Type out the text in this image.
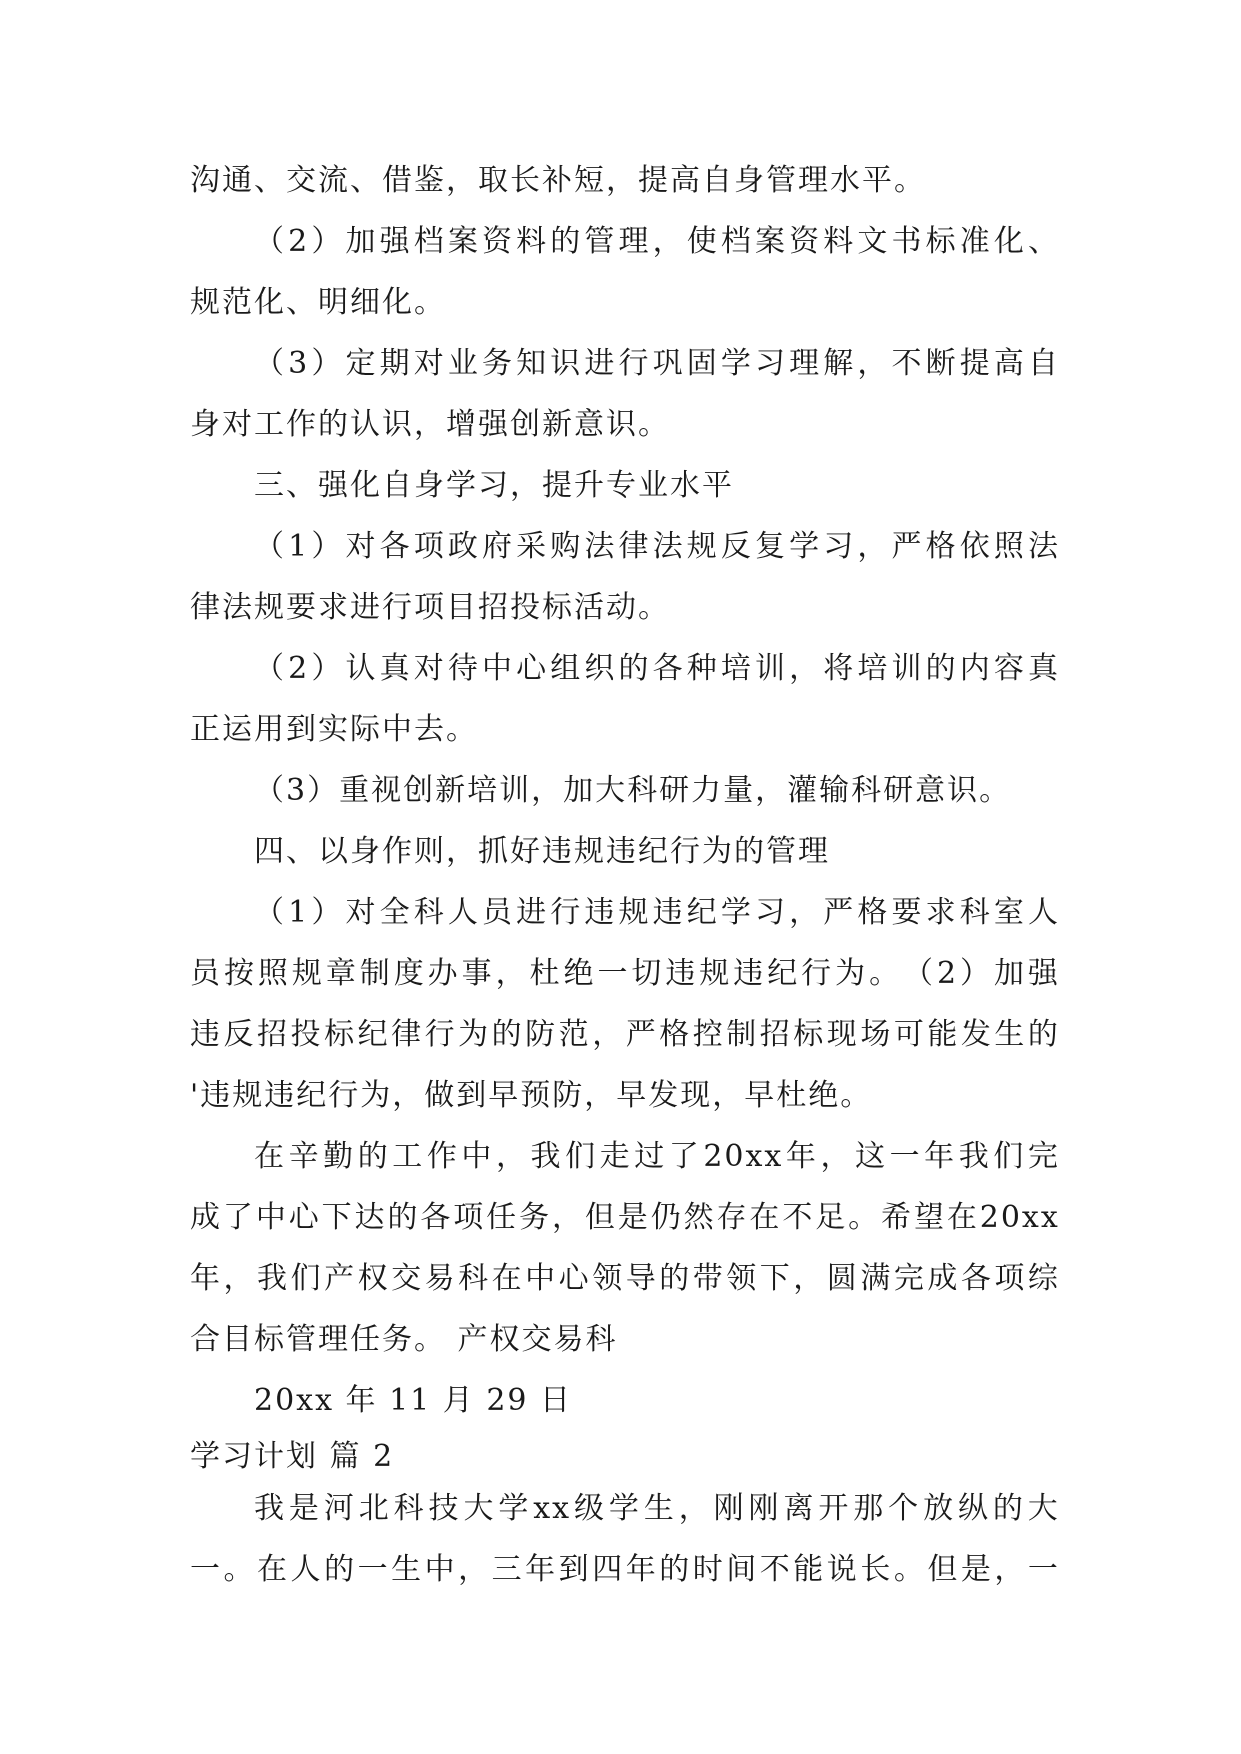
沟通、交流、借鉴，取长补短，提高自身管理水平。
（ 2 ） 加 强 档 案 资 料 的 管 理 ， 使 档 案 资 料 文 书 标 准 化 、
规范化、明细化。
（ 3 ） 定 期 对 业 务 知 识 进 行 巩 固 学 习 理 解 ， 不 断 提 高 自
身对工作的认识，增强创新意识。
三、强化自身学习，提升专业水平
（ 1 ） 对 各 项 政 府 采 购 法 律 法 规 反 复 学 习 ， 严 格 依 照 法
律法规要求进行项目招投标活动。
（ 2 ） 认 真 对 待 中 心 组 织 的 各 种 培 训 ， 将 培 训 的 内 容 真
正运用到实际中去。
（3）重视创新培训，加大科研力量，灌输科研意识。
四、以身作则，抓好违规违纪行为的管理
（ 1 ） 对 全 科 人 员 进 行 违 规 违 纪 学 习 ， 严 格 要 求 科 室 人
员 按 照 规 章 制 度 办 事 ， 杜 绝 一 切 违 规 违 纪 行 为 。 （ 2 ） 加 强
违 反 招 投 标 纪 律 行 为 的 防 范 ， 严 格 控 制 招 标 现 场 可 能 发 生 的
'违规违纪行为，做到早预防，早发现，早杜绝。
在 辛 勤 的 工 作 中 ， 我 们 走 过 了 20xx 年 ， 这 一 年 我 们 完
成 了 中 心 下 达 的 各 项 任 务 ， 但 是 仍 然 存 在 不 足 。 希 望 在 20xx
年 ， 我 们 产 权 交 易 科 在 中 心 领 导 的 带 领 下 ， 圆 满 完 成 各 项 综
合目标管理任务。 产权交易科
20xx 年 11 月 29 日
学习计划 篇 2
我 是 河 北 科 技 大 学 xx 级 学 生 ， 刚 刚 离 开 那 个 放 纵 的 大
一 。 在 人 的 一 生 中 ， 三 年 到 四 年 的 时 间 不 能 说 长 。 但 是 ， 一
